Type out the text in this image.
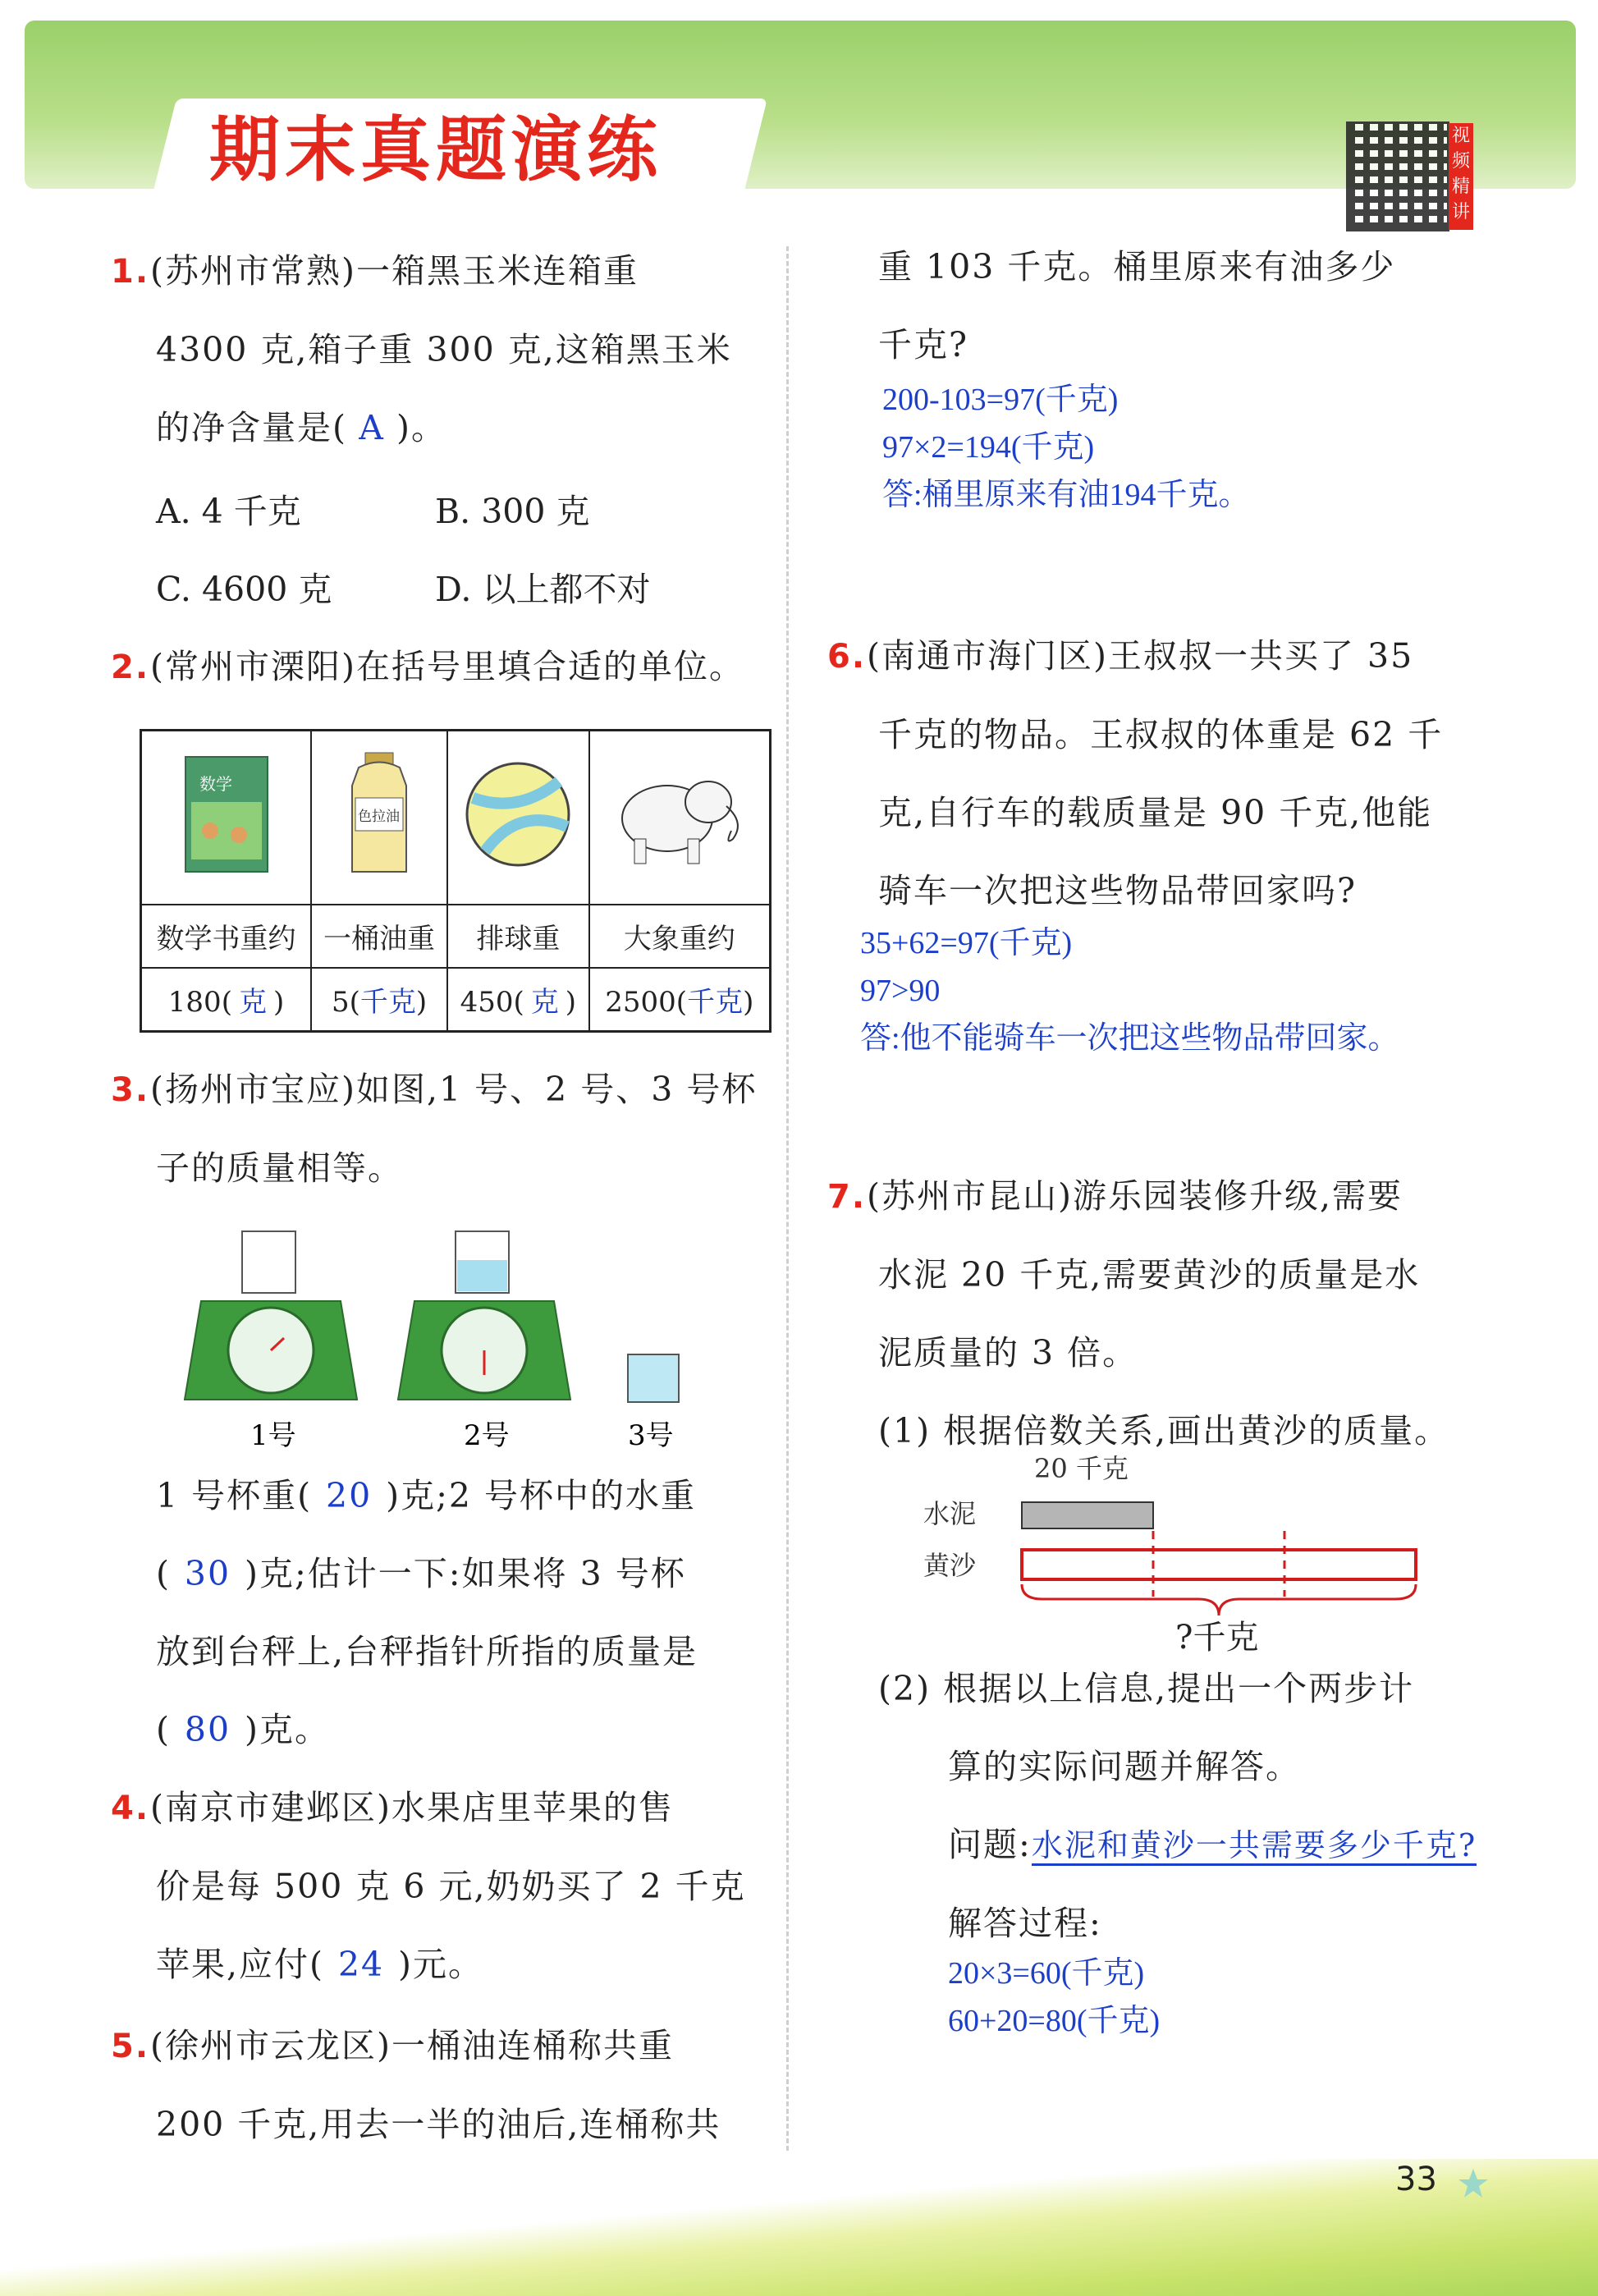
期末真题演练	视频精讲
1.(苏州市常熟)一箱黑玉米连箱重
4300 克,箱子重 300 克,这箱黑玉米
的净含量是( A )。
A. 4 千克	B. 300 克
C. 4600 克	D. 以上都不对
2.(常州市溧阳)在括号里填合适的单位。
数学	色拉油

数学书重约	一桶油重	排球重	大象重约
180( 克 )	5(千克)	450( 克 )	2500(千克)
3.(扬州市宝应)如图,1 号、2 号、3 号杯
子的质量相等。
1号	2号	3号
1 号杯重( 20 )克;2 号杯中的水重
( 30 )克;估计一下:如果将 3 号杯
放到台秤上,台秤指针所指的质量是
( 80 )克。
4.(南京市建邺区)水果店里苹果的售
价是每 500 克 6 元,奶奶买了 2 千克
苹果,应付( 24 )元。
5.(徐州市云龙区)一桶油连桶称共重
200 千克,用去一半的油后,连桶称共
重 103 千克。桶里原来有油多少
千克?
200-103=97(千克)
97×2=194(千克)
答:桶里原来有油194千克。
6.(南通市海门区)王叔叔一共买了 35
千克的物品。王叔叔的体重是 62 千
克,自行车的载质量是 90 千克,他能
骑车一次把这些物品带回家吗?
35+62=97(千克)
97>90
答:他不能骑车一次把这些物品带回家。
7.(苏州市昆山)游乐园装修升级,需要
水泥 20 千克,需要黄沙的质量是水
泥质量的 3 倍。
(1) 根据倍数关系,画出黄沙的质量。
20 千克
水泥
黄沙
?千克
(2) 根据以上信息,提出一个两步计
算的实际问题并解答。
问题:水泥和黄沙一共需要多少千克?
解答过程:
20×3=60(千克)
60+20=80(千克)
33
